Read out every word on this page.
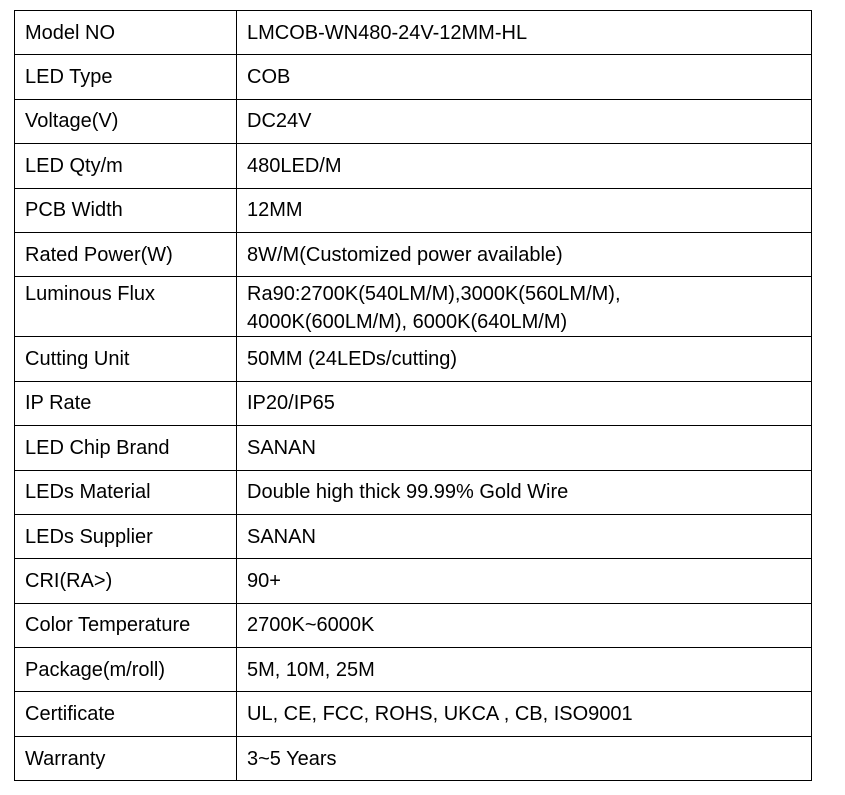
Model NO	LMCOB-WN480-24V-12MM-HL

LED Type	COB

Voltage(V)	DC24V

LED Qty/m	480LED/M

PCB Width	12MM

Rated Power(W)	8W/M(Customized power available)

Luminous Flux	Ra90:2700K(540LM/M),3000K(560LM/M),
4000K(600LM/M), 6000K(640LM/M)

Cutting Unit	50MM (24LEDs/cutting)

IP Rate	IP20/IP65

LED Chip Brand	SANAN

LEDs Material	Double high thick 99.99% Gold Wire

LEDs Supplier	SANAN

CRI(RA>)	90+

Color Temperature	2700K~6000K

Package(m/roll)	5M, 10M, 25M

Certificate	UL, CE, FCC, ROHS, UKCA , CB, ISO9001

Warranty	3~5 Years
